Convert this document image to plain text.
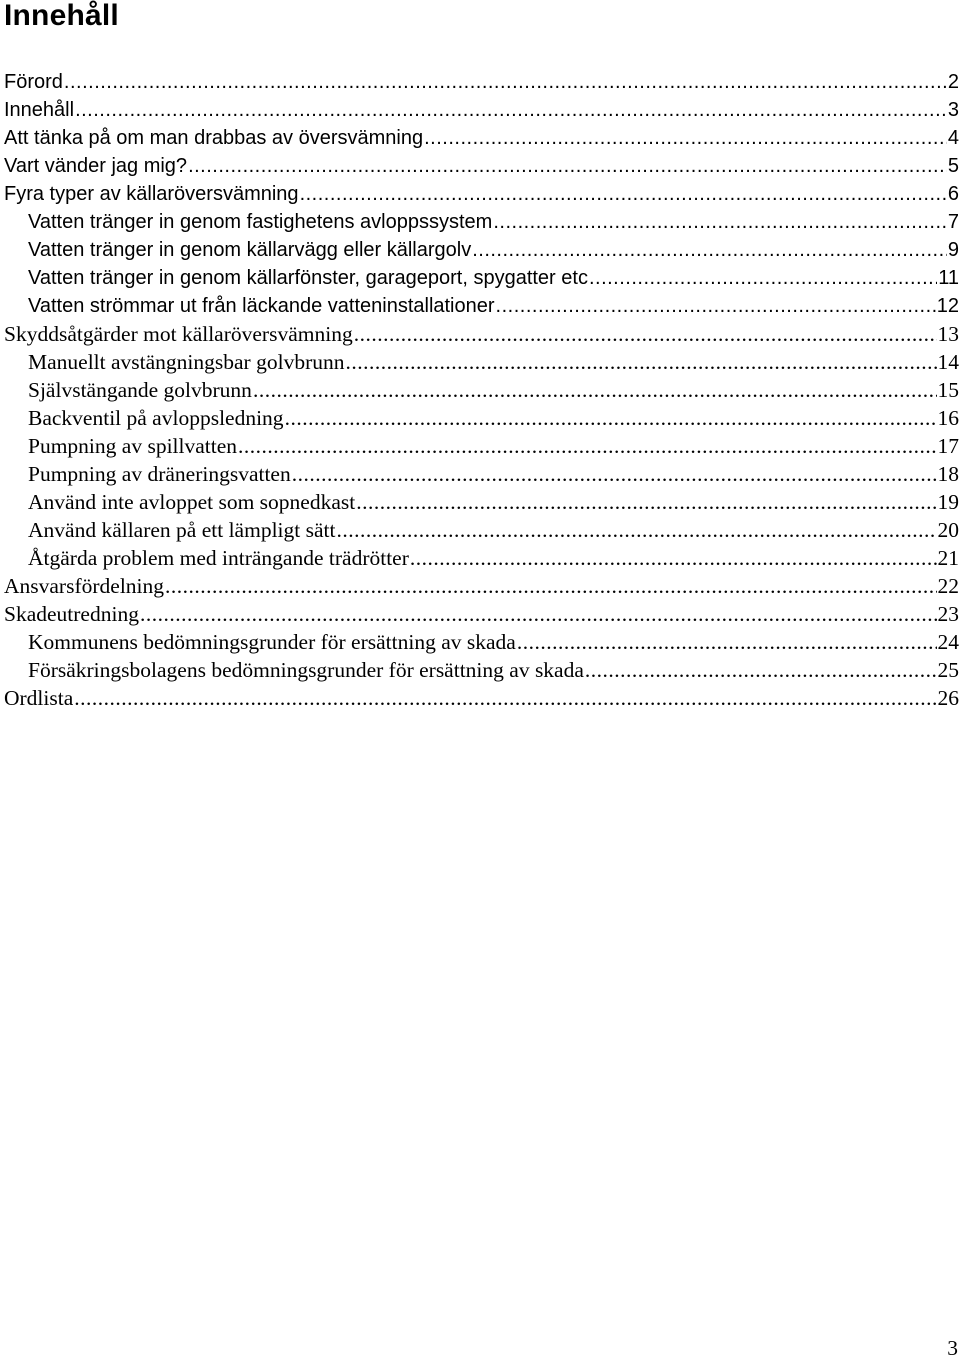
Innehåll
Förord .....	2
Innehåll .....	3
Att tänka på om man drabbas av översvämning .....	4
Vart vänder jag mig? .....	5
Fyra typer av källaröversvämning .....	6
Vatten tränger in genom fastighetens avloppssystem .....	7
Vatten tränger in genom källarvägg eller källargolv .....	9
Vatten tränger in genom källarfönster, garageport, spygatter etc .....	11
Vatten strömmar ut från läckande vatteninstallationer .....	12
Skyddsåtgärder mot källaröversvämning .....	13
Manuellt avstängningsbar golvbrunn .....	14
Självstängande golvbrunn .....	15
Backventil på avloppsledning .....	16
Pumpning av spillvatten .....	17
Pumpning av dräneringsvatten .....	18
Använd inte avloppet som sopnedkast .....	19
Använd källaren på ett lämpligt sätt .....	20
Åtgärda problem med inträngande trädrötter .....	21
Ansvarsfördelning .....	22
Skadeutredning .....	23
Kommunens bedömningsgrunder för ersättning av skada .....	24
Försäkringsbolagens bedömningsgrunder för ersättning av skada .....	25
Ordlista .....	26
3
